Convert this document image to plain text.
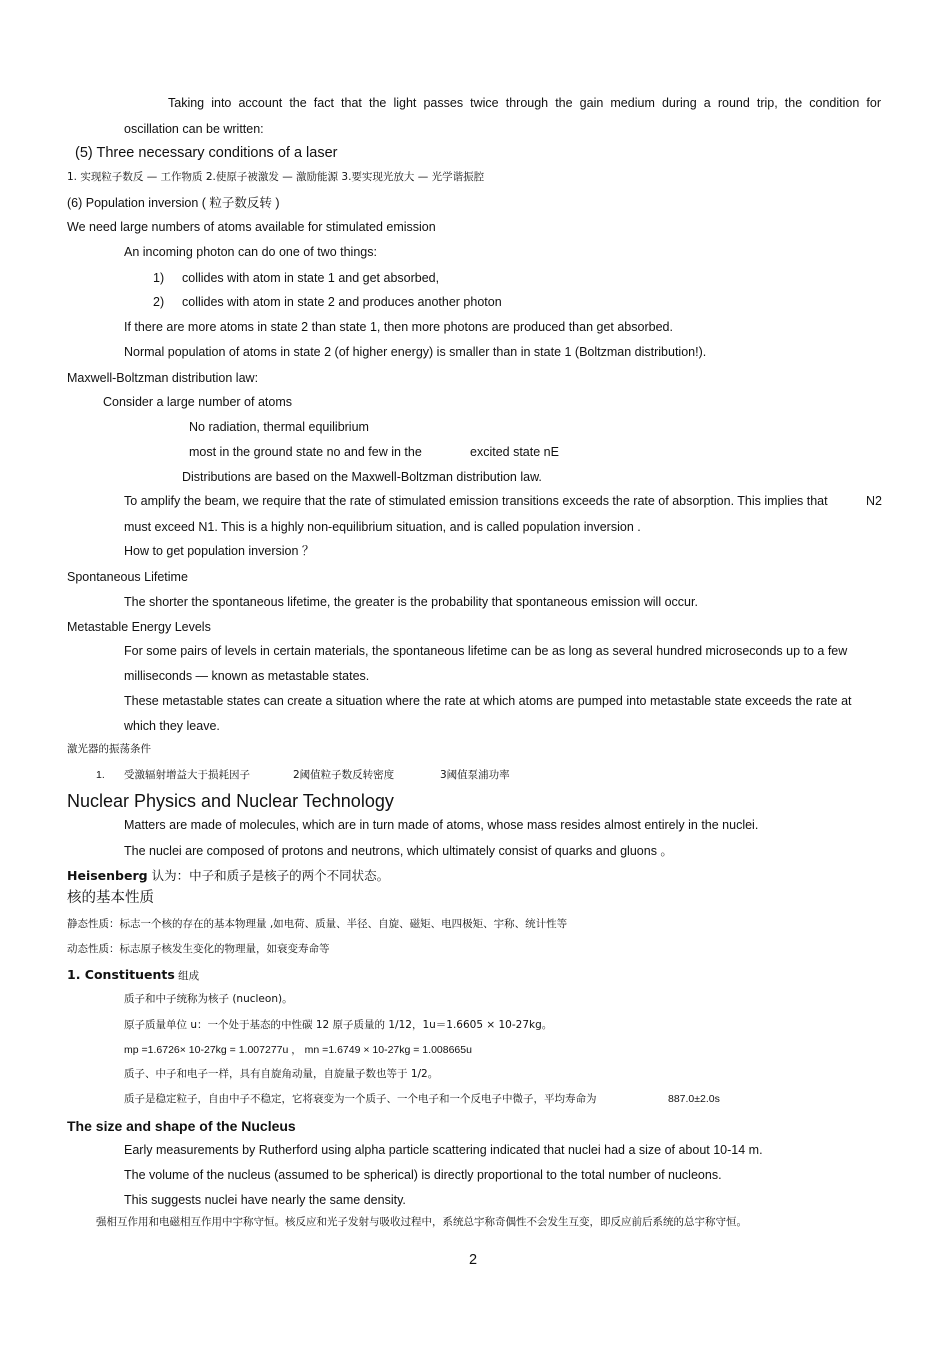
Taking into account the fact that the light passes twice through the gain medium during a round trip, the condition for
oscillation can be written:
(5) Three necessary conditions of a laser
1. 实现粒子数反 — 工作物质 2.使原子被激发 — 激励能源 3.要实现光放大 — 光学谐振腔
(6) Population inversion ( 粒子数反转 )
We need large numbers of atoms available for stimulated emission
An incoming photon can do one of two things:
1) collides with atom in state 1 and get absorbed,
2) collides with atom in state 2 and produces another photon
If there are more atoms in state 2 than state 1, then more photons are produced than get absorbed.
Normal population of atoms in state 2 (of higher energy) is smaller than in state 1 (Boltzman distribution!).
Maxwell-Boltzman distribution law:
Consider a large number of atoms
No radiation, thermal equilibrium
most in the ground state no and few in the	excited state nE
Distributions are based on the Maxwell-Boltzman distribution law.
To amplify the beam, we require that the rate of stimulated emission transitions exceeds the rate of absorption. This implies that	N2
must exceed N1. This is a highly non-equilibrium situation, and is called population inversion .
How to get population inversion ？
Spontaneous Lifetime
The shorter the spontaneous lifetime, the greater is the probability that spontaneous emission will occur.
Metastable Energy Levels
For some pairs of levels in certain materials, the spontaneous lifetime can be as long as several hundred microseconds up to a few
milliseconds — known as metastable states.
These metastable states can create a situation where the rate at which atoms are pumped into metastable state exceeds the rate at
which they leave.
激光器的振荡条件
1. 受激辐射增益大于损耗因子	2阈值粒子数反转密度	3阈值泵浦功率
Nuclear Physics and Nuclear Technology
Matters are made of molecules, which are in turn made of atoms, whose mass resides almost entirely in the nuclei.
The nuclei are composed of protons and neutrons, which ultimately consist of quarks and gluons 。
Heisenberg 认为：中子和质子是核子的两个不同状态。
核的基本性质
静态性质：标志一个核的存在的基本物理量 ,如电荷、质量、半径、自旋、磁矩、电四极矩、宇称、统计性等
动态性质：标志原子核发生变化的物理量，如衰变寿命等
1. Constituents 组成
质子和中子统称为核子 (nucleon)。
原子质量单位 u：一个处于基态的中性碳 12 原子质量的 1/12，1u＝1.6605 × 10-27kg。
mp =1.6726× 10-27kg = 1.007277u ， mn =1.6749 × 10-27kg = 1.008665u
质子、中子和电子一样，具有自旋角动量，自旋量子数也等于 1/2。
质子是稳定粒子，自由中子不稳定，它将衰变为一个质子、一个电子和一个反电子中微子，平均寿命为	887.0±2.0s
The size and shape of the Nucleus
Early measurements by Rutherford using alpha particle scattering indicated that nuclei had a size of about 10-14 m.
The volume of the nucleus (assumed to be spherical) is directly proportional to the total number of nucleons.
This suggests nuclei have nearly the same density.
强相互作用和电磁相互作用中宇称守恒。核反应和光子发射与吸收过程中，系统总宇称奇偶性不会发生互变，即反应前后系统的总宇称守恒。
2
